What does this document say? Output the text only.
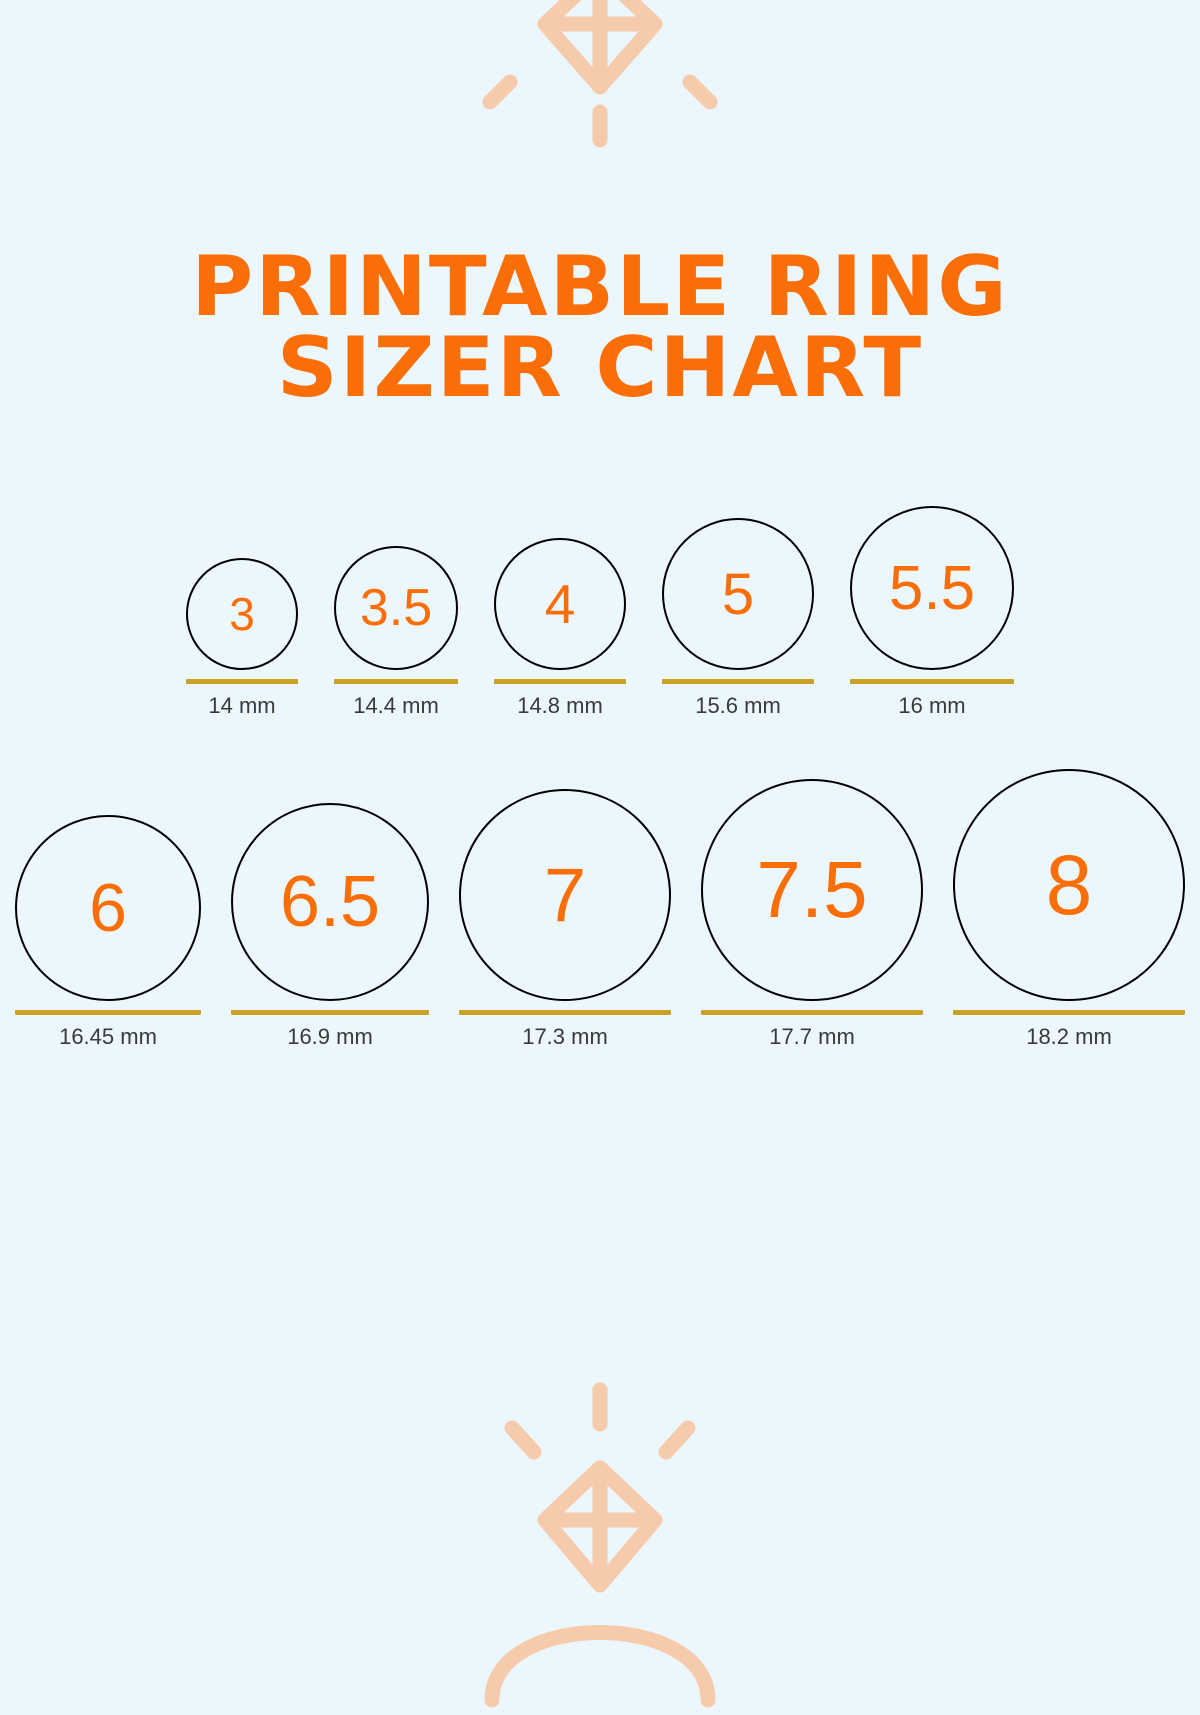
PRINTABLE RING
SIZER CHART
3
14 mm
3.5
14.4 mm
4
14.8 mm
5
15.6 mm
5.5
16 mm
6
16.45 mm
6.5
16.9 mm
7
17.3 mm
7.5
17.7 mm
8
18.2 mm
